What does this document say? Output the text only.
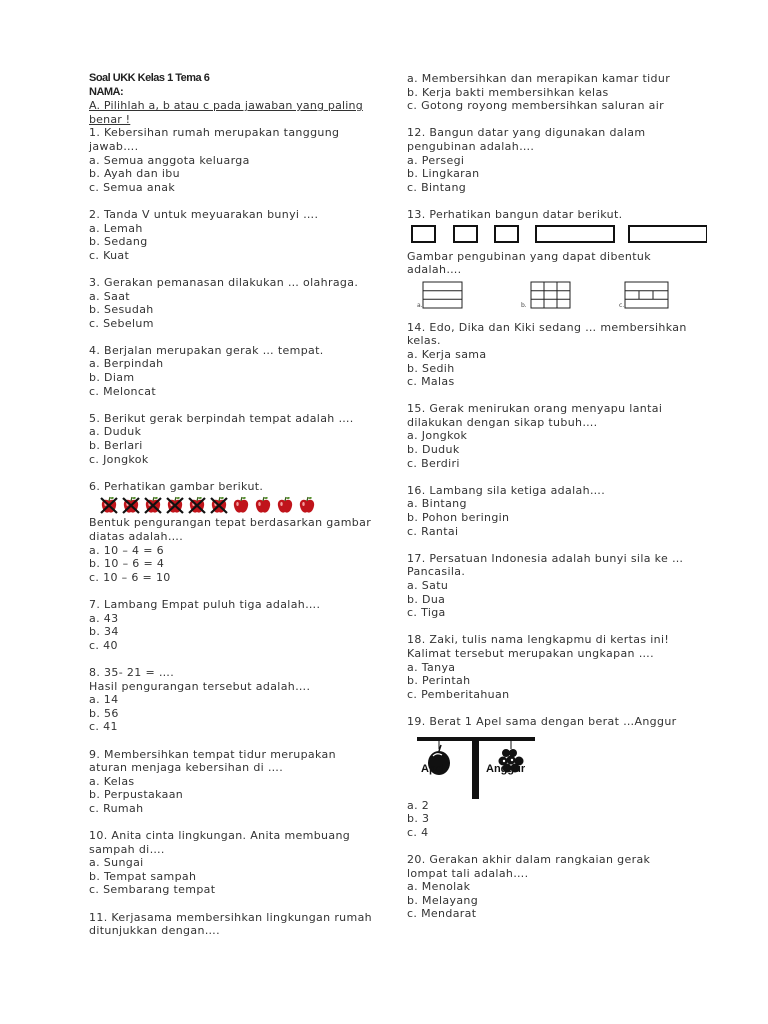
Soal UKK Kelas 1 Tema 6
NAMA:
A. Pilihlah a, b atau c pada jawaban yang paling
benar !
1. Kebersihan rumah merupakan tanggung
jawab….
a. Semua anggota keluarga
b. Ayah dan ibu
c. Semua anak
2. Tanda V untuk meyuarakan bunyi ….
a. Lemah
b. Sedang
c. Kuat
3. Gerakan pemanasan dilakukan … olahraga.
a. Saat
b. Sesudah
c. Sebelum
4. Berjalan merupakan gerak … tempat.
a. Berpindah
b. Diam
c. Meloncat
5. Berikut gerak berpindah tempat adalah ….
a. Duduk
b. Berlari
c. Jongkok
6. Perhatikan gambar berikut.
Bentuk pengurangan tepat berdasarkan gambar
diatas adalah….
a. 10 – 4 = 6
b. 10 – 6 = 4
c. 10 – 6 = 10
7. Lambang Empat puluh tiga adalah….
a. 43
b. 34
c. 40
8. 35- 21 = ….
Hasil pengurangan tersebut adalah….
a. 14
b. 56
c. 41
9. Membersihkan tempat tidur merupakan
aturan menjaga kebersihan di ….
a. Kelas
b. Perpustakaan
c. Rumah
10. Anita cinta lingkungan. Anita membuang
sampah di….
a. Sungai
b. Tempat sampah
c. Sembarang tempat
11. Kerjasama membersihkan lingkungan rumah
ditunjukkan dengan….
a. Membersihkan dan merapikan kamar tidur
b. Kerja bakti membersihkan kelas
c. Gotong royong membersihkan saluran air
12. Bangun datar yang digunakan dalam
pengubinan adalah….
a. Persegi
b. Lingkaran
c. Bintang
13. Perhatikan bangun datar berikut.
Gambar pengubinan yang dapat dibentuk
adalah….
a.	b.	c.
14. Edo, Dika dan Kiki sedang … membersihkan
kelas.
a. Kerja sama
b. Sedih
c. Malas
15. Gerak menirukan orang menyapu lantai
dilakukan dengan sikap tubuh….
a. Jongkok
b. Duduk
c. Berdiri
16. Lambang sila ketiga adalah….
a. Bintang
b. Pohon beringin
c. Rantai
17. Persatuan Indonesia adalah bunyi sila ke …
Pancasila.
a. Satu
b. Dua
c. Tiga
18. Zaki, tulis nama lengkapmu di kertas ini!
Kalimat tersebut merupakan ungkapan ….
a. Tanya
b. Perintah
c. Pemberitahuan
19. Berat 1 Apel sama dengan berat …Anggur
Apel	Anggur
a. 2
b. 3
c. 4
20. Gerakan akhir dalam rangkaian gerak
lompat tali adalah….
a. Menolak
b. Melayang
c. Mendarat
